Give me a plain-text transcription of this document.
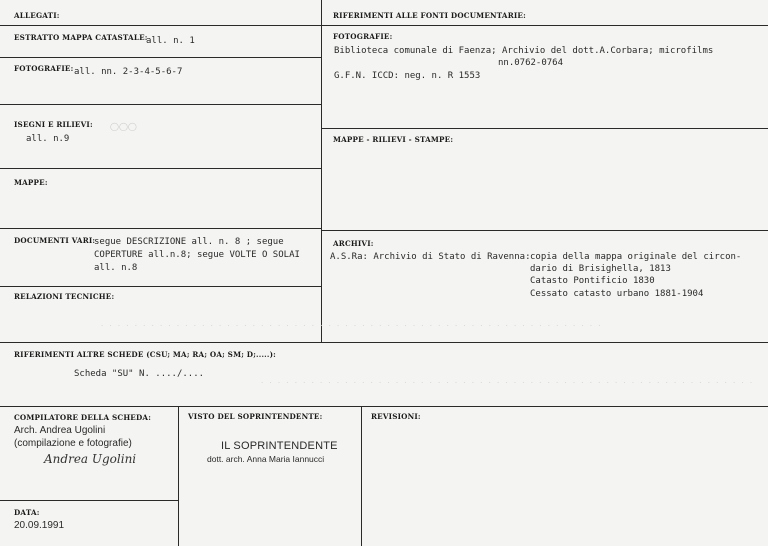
ALLEGATI:
ESTRATTO MAPPA CATASTALE:
all. n. 1
FOTOGRAFIE: all. nn. 2-3-4-5-6-7
ISEGNI E RILIEVI: ◯◯◯
all. n.9
MAPPE:
DOCUMENTI VARI:
segue DESCRIZIONE all. n. 8 ; segue
COPERTURE all.n.8; segue VOLTE O SOLAI
all. n.8
RELAZIONI TECNICHE:
RIFERIMENTI ALLE FONTI DOCUMENTARIE:
FOTOGRAFIE:
Biblioteca comunale di Faenza; Archivio del dott.A.Corbara; microfilms
nn.0762-0764
G.F.N. ICCD: neg. n. R 1553
MAPPE - RILIEVI - STAMPE:
ARCHIVI:
A.S.Ra: Archivio di Stato di Ravenna: copia della mappa originale del circon-
dario di Brisighella, 1813
Catasto Pontificio 1830
Cessato catasto urbano 1881-1904
. . . . . . . . . . . . . . . . . . . . . . . . . . . . . . . . . . . . . . . . . . . . . . . . . . . . . . . . . . . .
. . . . . . . . . . . . . . . . . . . . . . . . . . . . . . . . . . . . . . . . . . . . . . . . . . . . . . . . . . .
RIFERIMENTI ALTRE SCHEDE (CSU; MA; RA; OA; SM; D;.....):
Scheda "SU" N. ..../....
COMPILATORE DELLA SCHEDA:
Arch. Andrea Ugolini
(compilazione e fotografie)
Andrea Ugolini
DATA:
20.09.1991
VISTO DEL SOPRINTENDENTE:
IL SOPRINTENDENTE
dott. arch. Anna Maria Iannucci
REVISIONI:
